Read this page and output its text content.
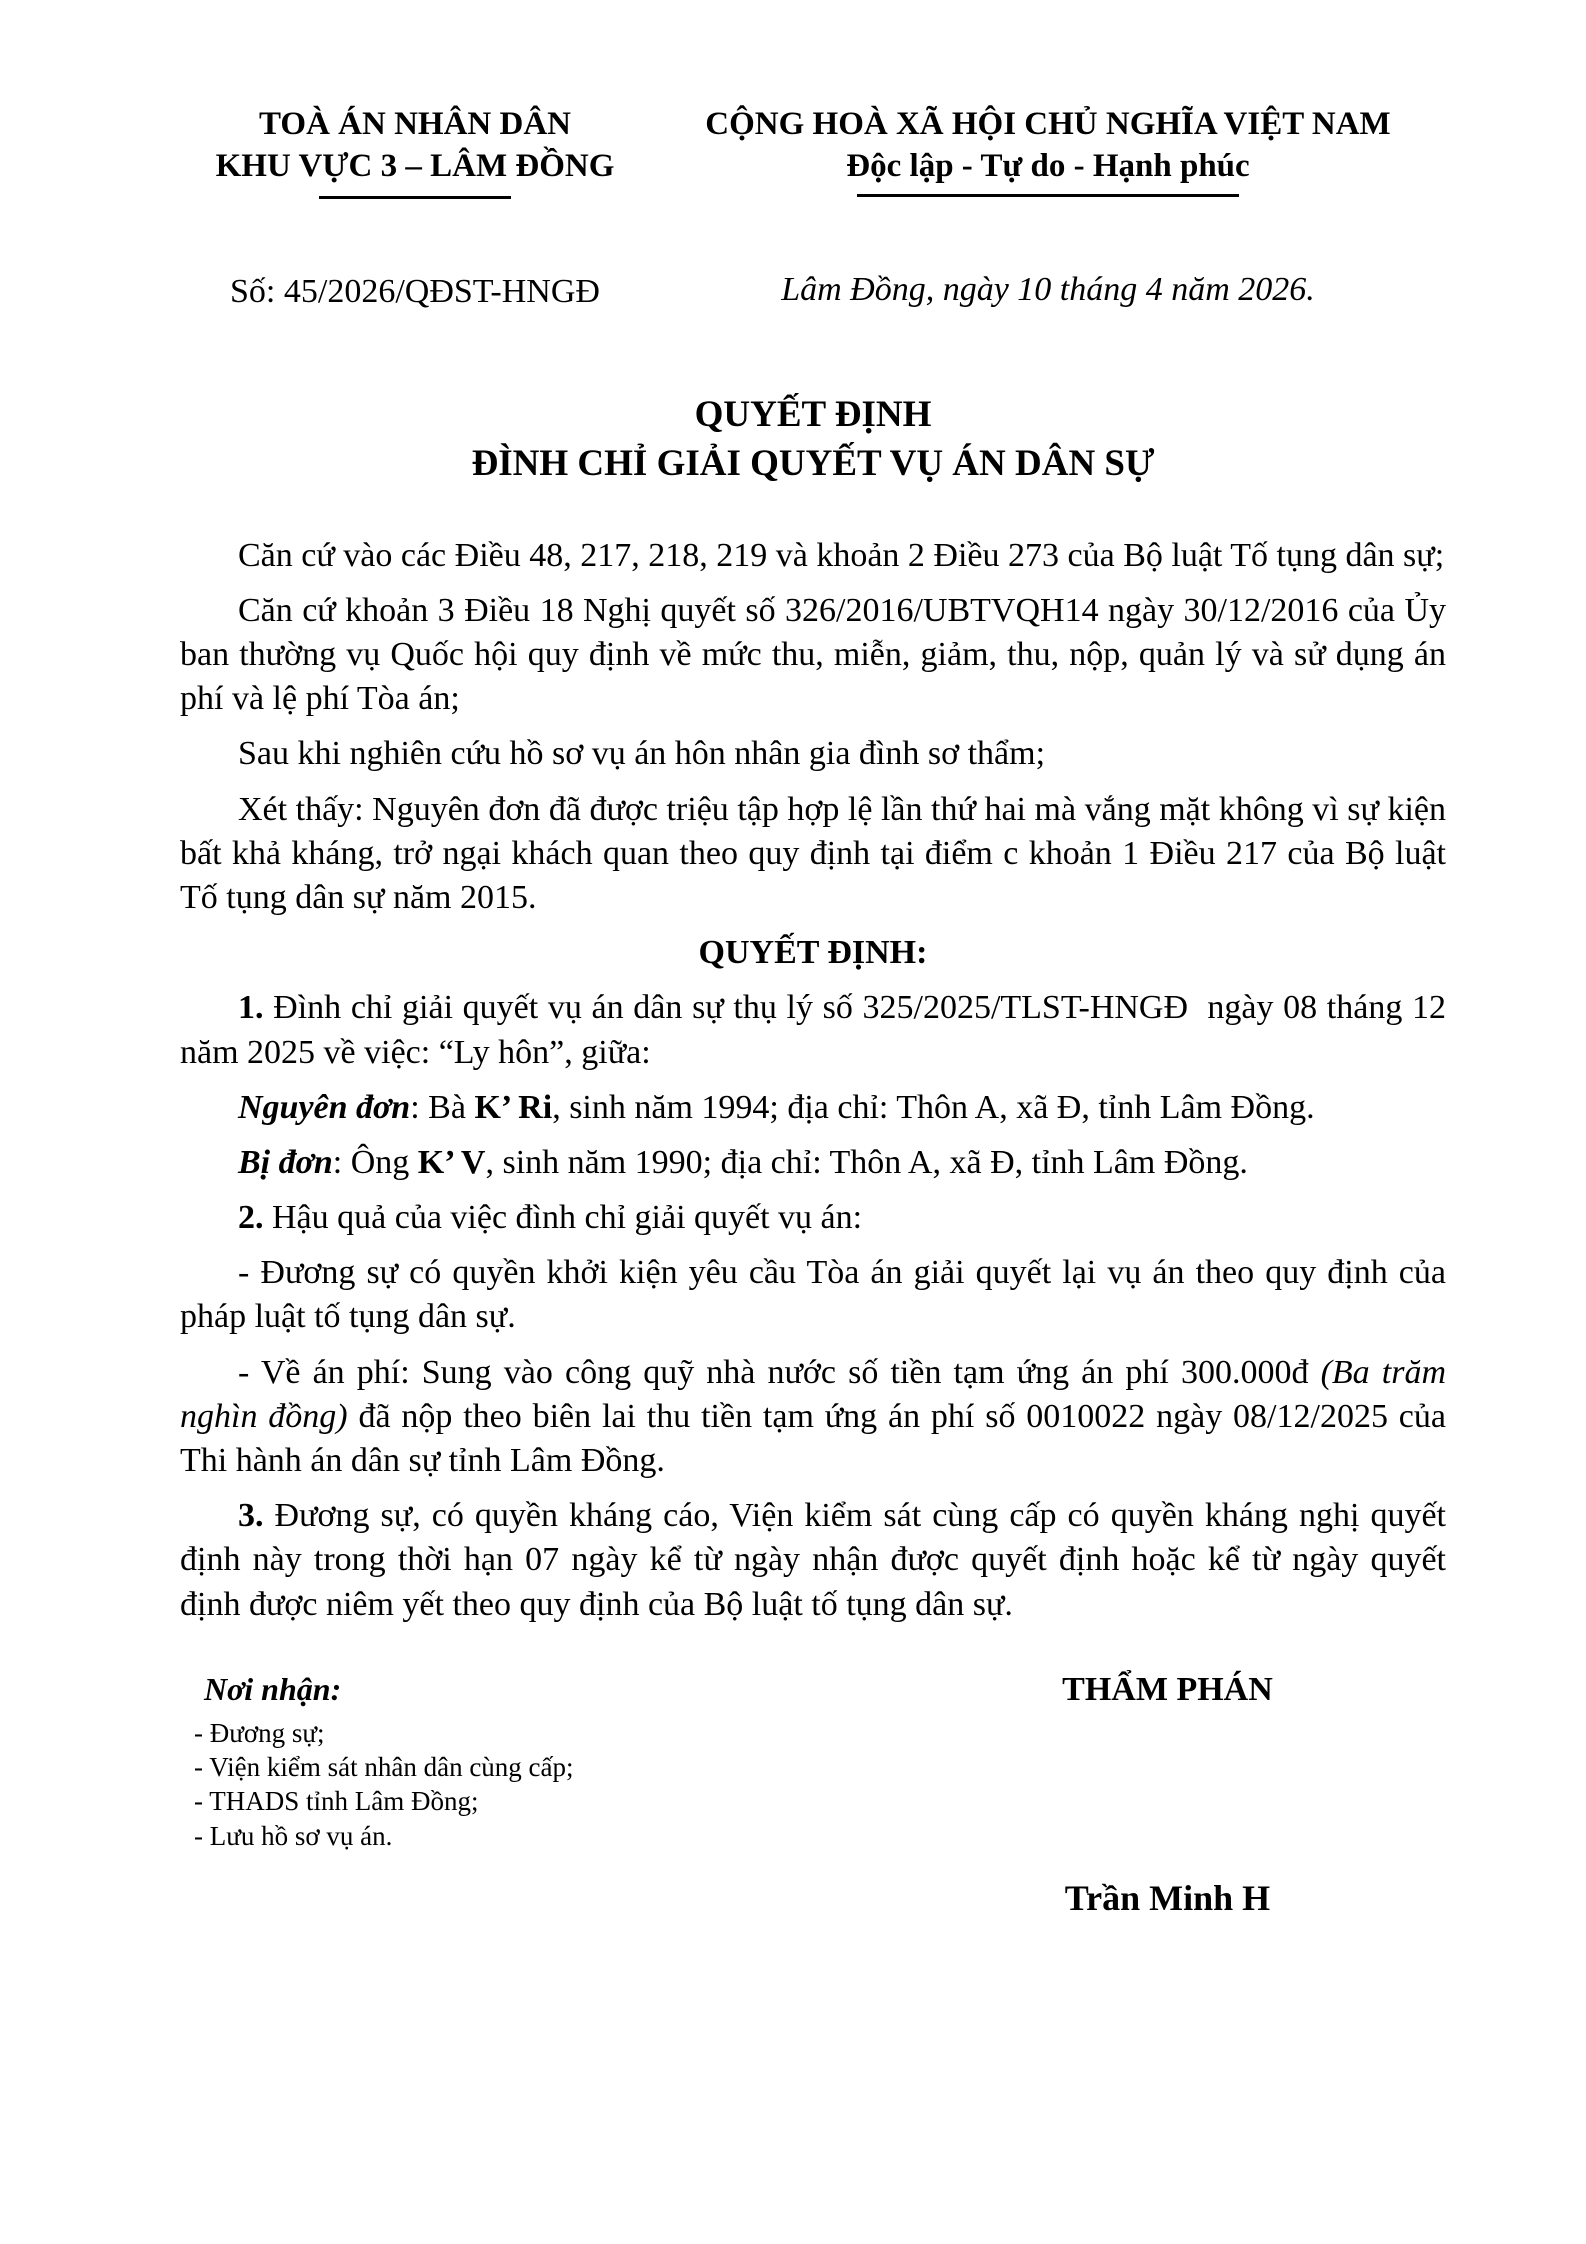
TOÀ ÁN NHÂN DÂN
KHU VỰC 3 – LÂM ĐỒNG
Số: 45/2026/QĐST-HNGĐ
CỘNG HOÀ XÃ HỘI CHỦ NGHĨA VIỆT NAM
Độc lập - Tự do - Hạnh phúc
Lâm Đồng, ngày 10 tháng 4 năm 2026.
QUYẾT ĐỊNH
ĐÌNH CHỈ GIẢI QUYẾT VỤ ÁN DÂN SỰ
Căn cứ vào các Điều 48, 217, 218, 219 và khoản 2 Điều 273 của Bộ luật Tố tụng dân sự;
Căn cứ khoản 3 Điều 18 Nghị quyết số 326/2016/UBTVQH14 ngày 30/12/2016 của Ủy ban thường vụ Quốc hội quy định về mức thu, miễn, giảm, thu, nộp, quản lý và sử dụng án phí và lệ phí Tòa án;
Sau khi nghiên cứu hồ sơ vụ án hôn nhân gia đình sơ thẩm;
Xét thấy: Nguyên đơn đã được triệu tập hợp lệ lần thứ hai mà vắng mặt không vì sự kiện bất khả kháng, trở ngại khách quan theo quy định tại điểm c khoản 1 Điều 217 của Bộ luật Tố tụng dân sự năm 2015.
QUYẾT ĐỊNH:
1. Đình chỉ giải quyết vụ án dân sự thụ lý số 325/2025/TLST-HNGĐ  ngày 08 tháng 12 năm 2025 về việc: “Ly hôn”, giữa:
Nguyên đơn: Bà K’ Ri, sinh năm 1994; địa chỉ: Thôn A, xã Đ, tỉnh Lâm Đồng.
Bị đơn: Ông K’ V, sinh năm 1990; địa chỉ: Thôn A, xã Đ, tỉnh Lâm Đồng.
2. Hậu quả của việc đình chỉ giải quyết vụ án:
- Đương sự có quyền khởi kiện yêu cầu Tòa án giải quyết lại vụ án theo quy định của pháp luật tố tụng dân sự.
- Về án phí: Sung vào công quỹ nhà nước số tiền tạm ứng án phí 300.000đ (Ba trăm nghìn đồng) đã nộp theo biên lai thu tiền tạm ứng án phí số 0010022 ngày 08/12/2025 của Thi hành án dân sự tỉnh Lâm Đồng.
3. Đương sự, có quyền kháng cáo, Viện kiểm sát cùng cấp có quyền kháng nghị quyết định này trong thời hạn 07 ngày kể từ ngày nhận được quyết định hoặc kể từ ngày quyết định được niêm yết theo quy định của Bộ luật tố tụng dân sự.
Nơi nhận:
- Đương sự;
- Viện kiểm sát nhân dân cùng cấp;
- THADS tỉnh Lâm Đồng;
- Lưu hồ sơ vụ án.
THẨM PHÁN
Trần Minh H
